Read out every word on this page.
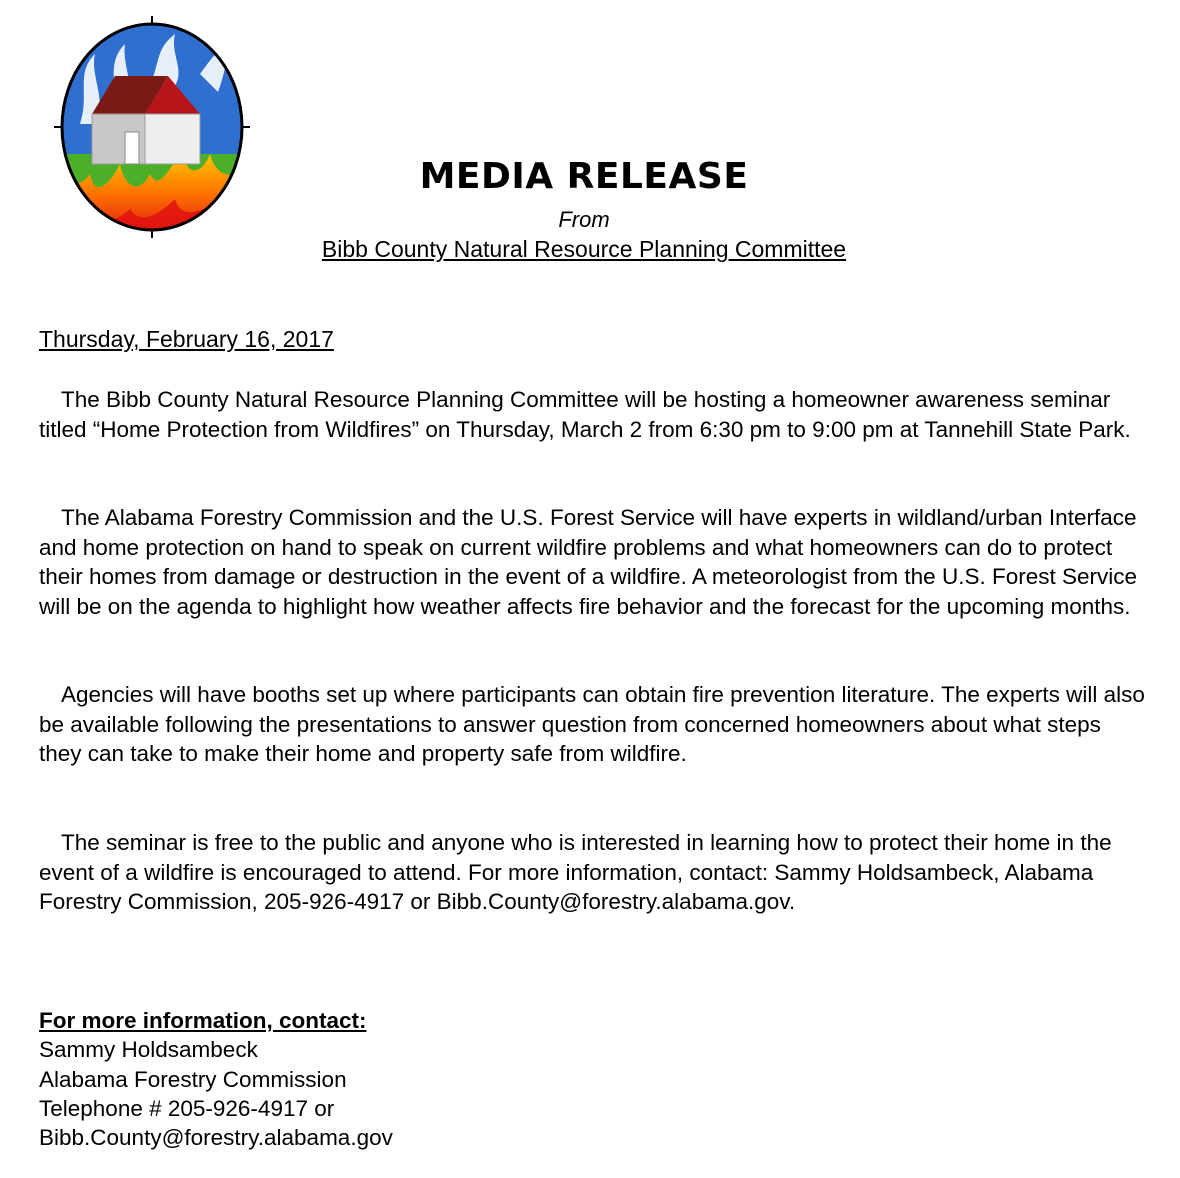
MEDIA RELEASE
From
Bibb County Natural Resource Planning Committee
Thursday, February 16, 2017

The Bibb County Natural Resource Planning Committee will be hosting a homeowner awareness seminar titled “Home Protection from Wildfires” on Thursday, March 2 from 6:30 pm to 9:00 pm at Tannehill State Park.

The Alabama Forestry Commission and the U.S. Forest Service will have experts in wildland/urban Interface and home protection on hand to speak on current wildfire problems and what homeowners can do to protect their homes from damage or destruction in the event of a wildfire. A meteorologist from the U.S. Forest Service will be on the agenda to highlight how weather affects fire behavior and the forecast for the upcoming months.

Agencies will have booths set up where participants can obtain fire prevention literature. The experts will also be available following the presentations to answer question from concerned homeowners about what steps they can take to make their home and property safe from wildfire.

The seminar is free to the public and anyone who is interested in learning how to protect their home in the event of a wildfire is encouraged to attend. For more information, contact: Sammy Holdsambeck, Alabama Forestry Commission, 205-926-4917 or Bibb.County@forestry.alabama.gov.

For more information, contact:
Sammy Holdsambeck
Alabama Forestry Commission
Telephone # 205-926-4917 or
Bibb.County@forestry.alabama.gov
